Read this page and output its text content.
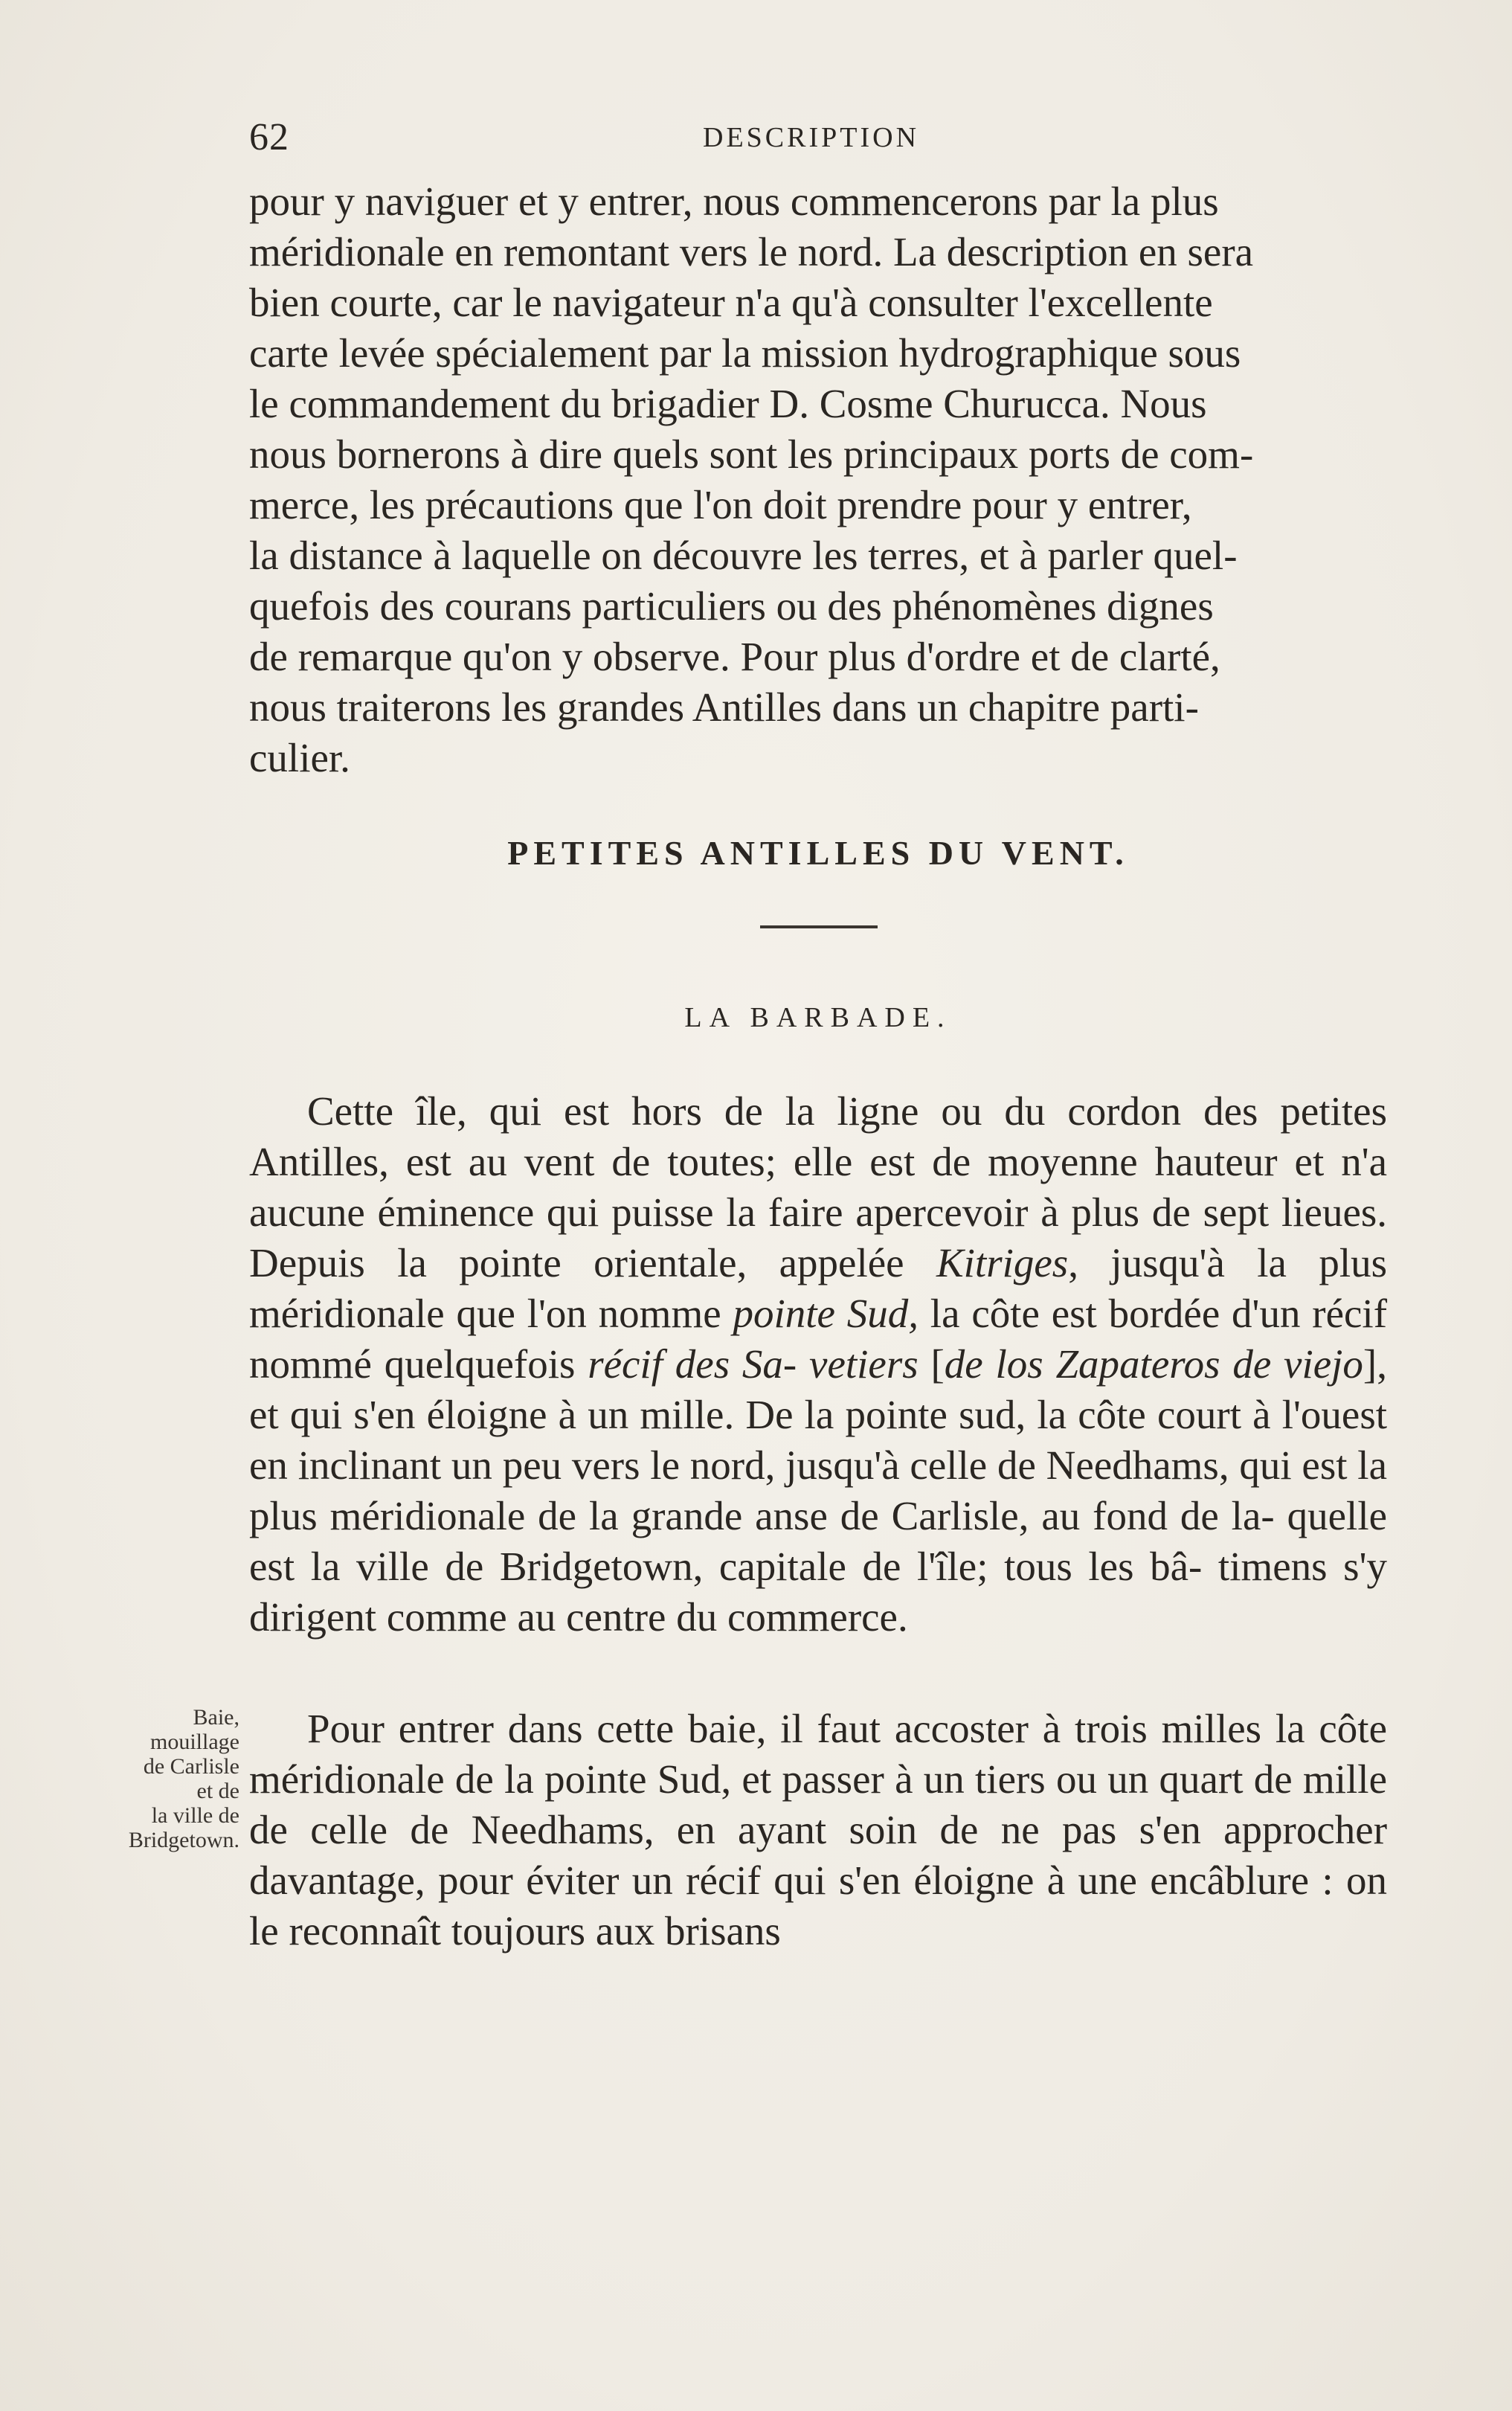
62	DESCRIPTION
pour y naviguer et y entrer, nous commencerons par la plus
méridionale en remontant vers le nord. La description en sera
bien courte, car le navigateur n'a qu'à consulter l'excellente
carte levée spécialement par la mission hydrographique sous
le commandement du brigadier D. Cosme Churucca. Nous
nous bornerons à dire quels sont les principaux ports de com-
merce, les précautions que l'on doit prendre pour y entrer,
la distance à laquelle on découvre les terres, et à parler quel-
quefois des courans particuliers ou des phénomènes dignes
de remarque qu'on y observe. Pour plus d'ordre et de clarté,
nous traiterons les grandes Antilles dans un chapitre parti-
culier.
PETITES ANTILLES DU VENT.
LA BARBADE.
Cette île, qui est hors de la ligne ou du cordon des petites Antilles, est au vent de toutes; elle est de moyenne hauteur et n'a aucune éminence qui puisse la faire apercevoir à plus de sept lieues. Depuis la pointe orientale, appelée Kitriges, jusqu'à la plus méridionale que l'on nomme pointe Sud, la côte est bordée d'un récif nommé quelquefois récif des Sa- vetiers [de los Zapateros de viejo], et qui s'en éloigne à un mille. De la pointe sud, la côte court à l'ouest en inclinant un peu vers le nord, jusqu'à celle de Needhams, qui est la plus méridionale de la grande anse de Carlisle, au fond de la- quelle est la ville de Bridgetown, capitale de l'île; tous les bâ- timens s'y dirigent comme au centre du commerce.
Baie,
mouillage
de Carlisle
et de
la ville de
Bridgetown.
Pour entrer dans cette baie, il faut accoster à trois milles la côte méridionale de la pointe Sud, et passer à un tiers ou un quart de mille de celle de Needhams, en ayant soin de ne pas s'en approcher davantage, pour éviter un récif qui s'en éloigne à une encâblure : on le reconnaît toujours aux brisans
